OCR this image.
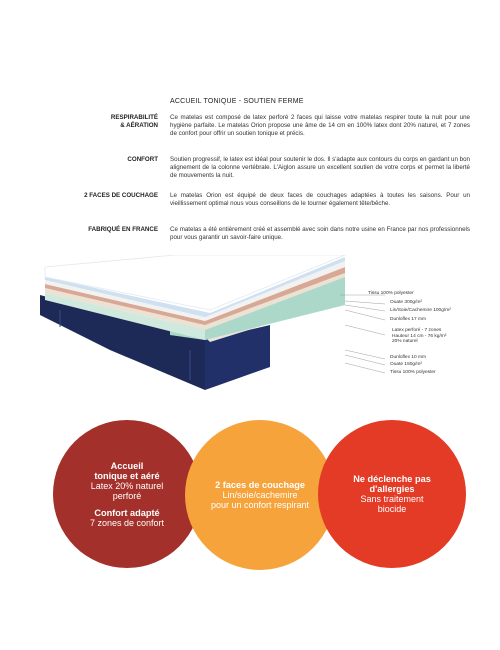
ACCUEIL TONIQUE - SOUTIEN FERME
RESPIRABILITÉ
& AÉRATION
Ce matelas est composé de latex perforé 2 faces qui laisse votre matelas respirer toute la nuit pour une hygiène parfaite. Le matelas Orion propose une âme de 14 cm en 100% latex dont 20% naturel, et 7 zones de confort pour offrir un soutien tonique et précis.
CONFORT Soutien progressif, le latex est idéal pour soutenir le dos. Il s'adapte aux contours du corps en gardant un bon alignement de la colonne vertébrale. L'Aiglon assure un excellent soutien de votre corps et permet la liberté de mouvements la nuit.
2 FACES DE COUCHAGE Le matelas Orion est équipé de deux faces de couchages adaptées à toutes les saisons. Pour un vieillissement optimal nous vous conseillons de le tourner également tête/bêche.
FABRIQUÉ EN FRANCE Ce matelas a été entièrement créé et assemblé avec soin dans notre usine en France par nos professionnels pour vous garantir un savoir-faire unique.
Tissu 100% polyester
Ouate 300g/m²
Lin/Soie/Cachemire 100g/m²
Dunloflex 17 mm
Latex perforé - 7 zones
Hauteur 14 cm - 76 kg/m³
20% naturel
Dunloflex 10 mm
Ouate 150g/m²
Tissu 100% polyester
Accueil
tonique et aéré
Latex 20% naturel
perforé
Confort adapté
7 zones de confort
2 faces de couchage
Lin/soie/cachemire
pour un confort respirant
Ne déclenche pas
d'allergies
Sans traitement
biocide
